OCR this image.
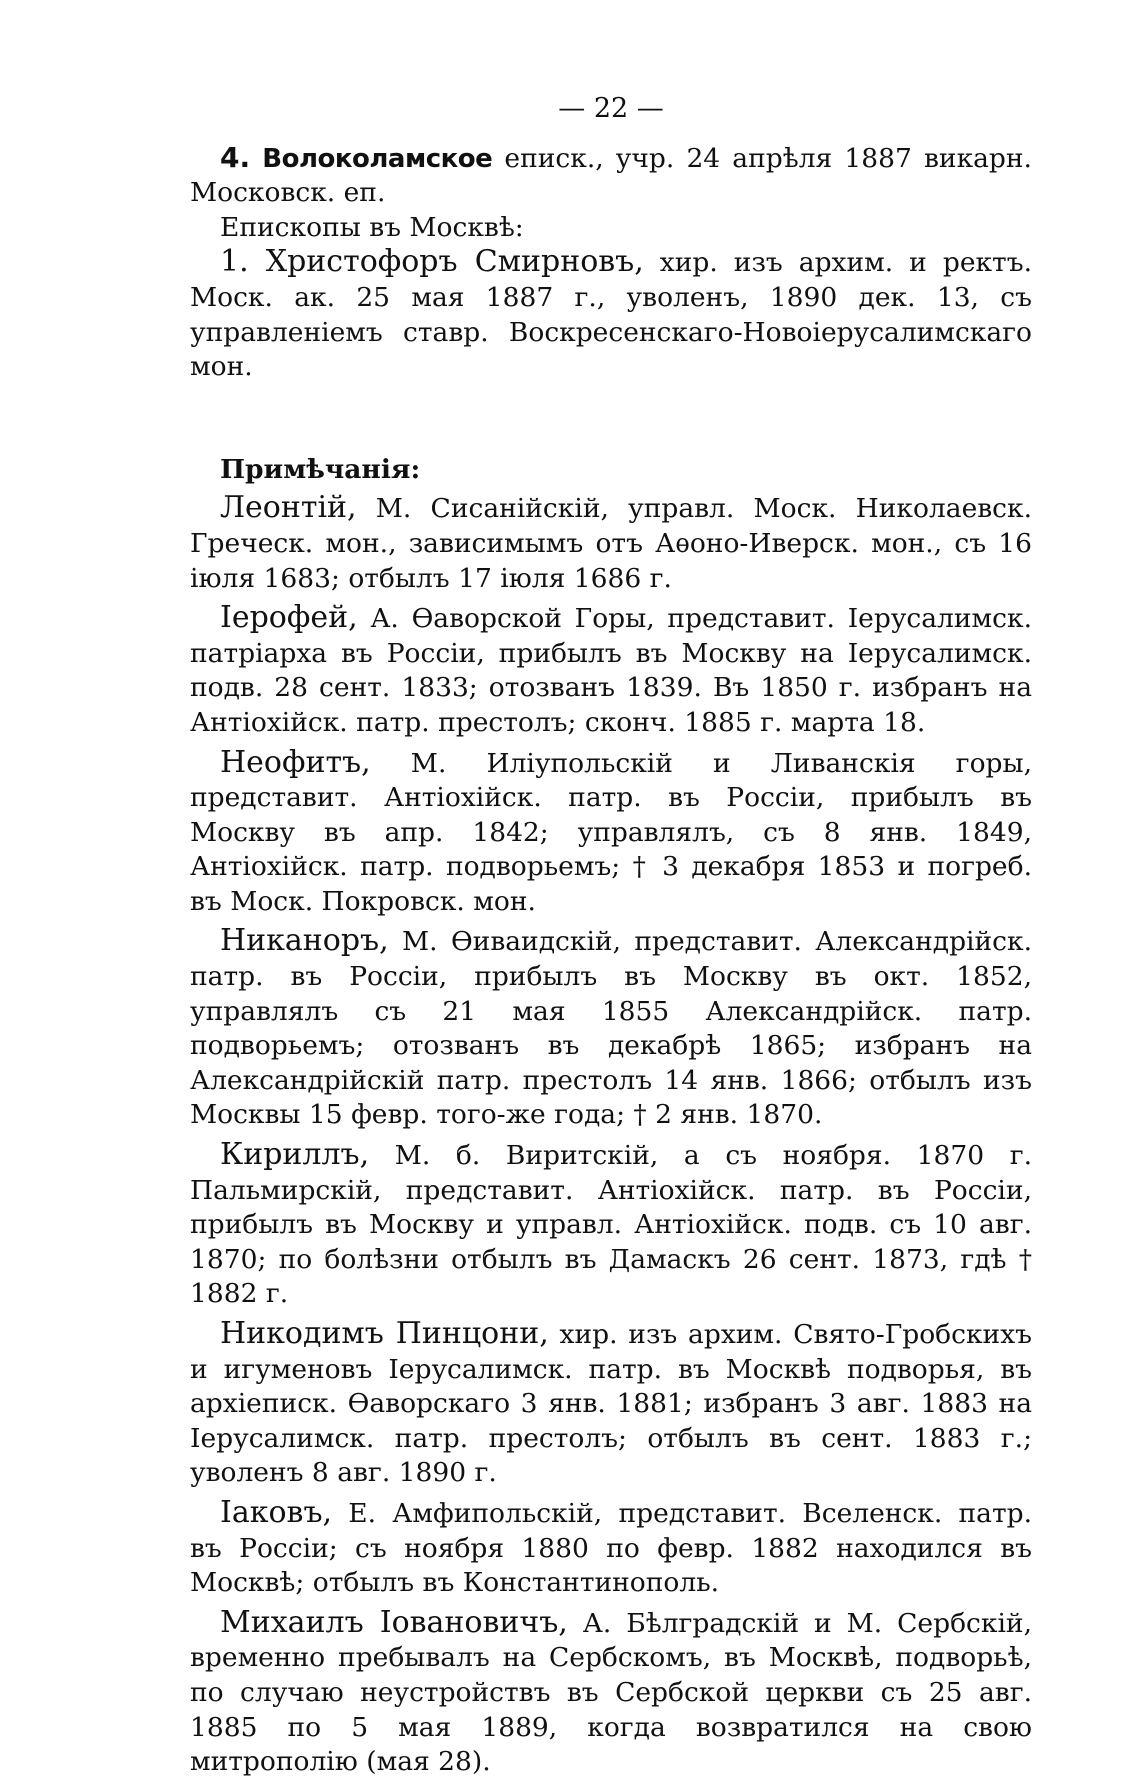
— 22 —

4. Волоколамское еписк., учр. 24 апрѣля 1887 викарн. Московск. еп.

Епископы въ Москвѣ:

1. Христофоръ Смирновъ, хир. изъ архим. и ректъ. Моск. ак. 25 мая 1887 г., уволенъ, 1890 дек. 13, съ управленіемъ ставр. Воскресенскаго-Новоіерусалимскаго мон.

Примѣчанія:

Леонтій, М. Сисанійскій, управл. Моск. Николаевск. Греческ. мон., зависимымъ отъ Аѳоно-Иверск. мон., съ 16 іюля 1683; отбылъ 17 іюля 1686 г.

Іерофей, А. Ѳаворской Горы, представит. Іерусалимск. патріарха въ Россіи, прибылъ въ Москву на Іерусалимск. подв. 28 сент. 1833; отозванъ 1839. Въ 1850 г. избранъ на Антіохійск. патр. престолъ; сконч. 1885 г. марта 18.

Неофитъ, М. Иліупольскій и Ливанскія горы, представит. Антіохійск. патр. въ Россіи, прибылъ въ Москву въ апр. 1842; управлялъ, съ 8 янв. 1849, Антіохійск. патр. подворьемъ; † 3 декабря 1853 и погреб. въ Моск. Покровск. мон.

Никаноръ, М. Ѳиваидскій, представит. Александрійск. патр. въ Россіи, прибылъ въ Москву въ окт. 1852, управлялъ съ 21 мая 1855 Александрійск. патр. подворьемъ; отозванъ въ декабрѣ 1865; избранъ на Александрійскій патр. престолъ 14 янв. 1866; отбылъ изъ Москвы 15 февр. того-же года; † 2 янв. 1870.

Кириллъ, М. б. Виритскій, а съ ноября. 1870 г. Пальмирскій, представит. Антіохійск. патр. въ Россіи, прибылъ въ Москву и управл. Антіохійск. подв. съ 10 авг. 1870; по болѣзни отбылъ въ Дамаскъ 26 сент. 1873, гдѣ † 1882 г.

Никодимъ Пинцони, хир. изъ архим. Свято-Гробскихъ и игуменовъ Іерусалимск. патр. въ Москвѣ подворья, въ архіеписк. Ѳаворскаго 3 янв. 1881; избранъ 3 авг. 1883 на Іерусалимск. патр. престолъ; отбылъ въ сент. 1883 г.; уволенъ 8 авг. 1890 г.

Іаковъ, Е. Амфипольскій, представит. Вселенск. патр. въ Россіи; съ ноября 1880 по февр. 1882 находился въ Москвѣ; отбылъ въ Константинополь.

Михаилъ Іовановичъ, А. Бѣлградскій и М. Сербскій, временно пребывалъ на Сербскомъ, въ Москвѣ, подворьѣ, по случаю неустройствъ въ Сербской церкви съ 25 авг. 1885 по 5 мая 1889, когда возвратился на свою митрополію (мая 28).
